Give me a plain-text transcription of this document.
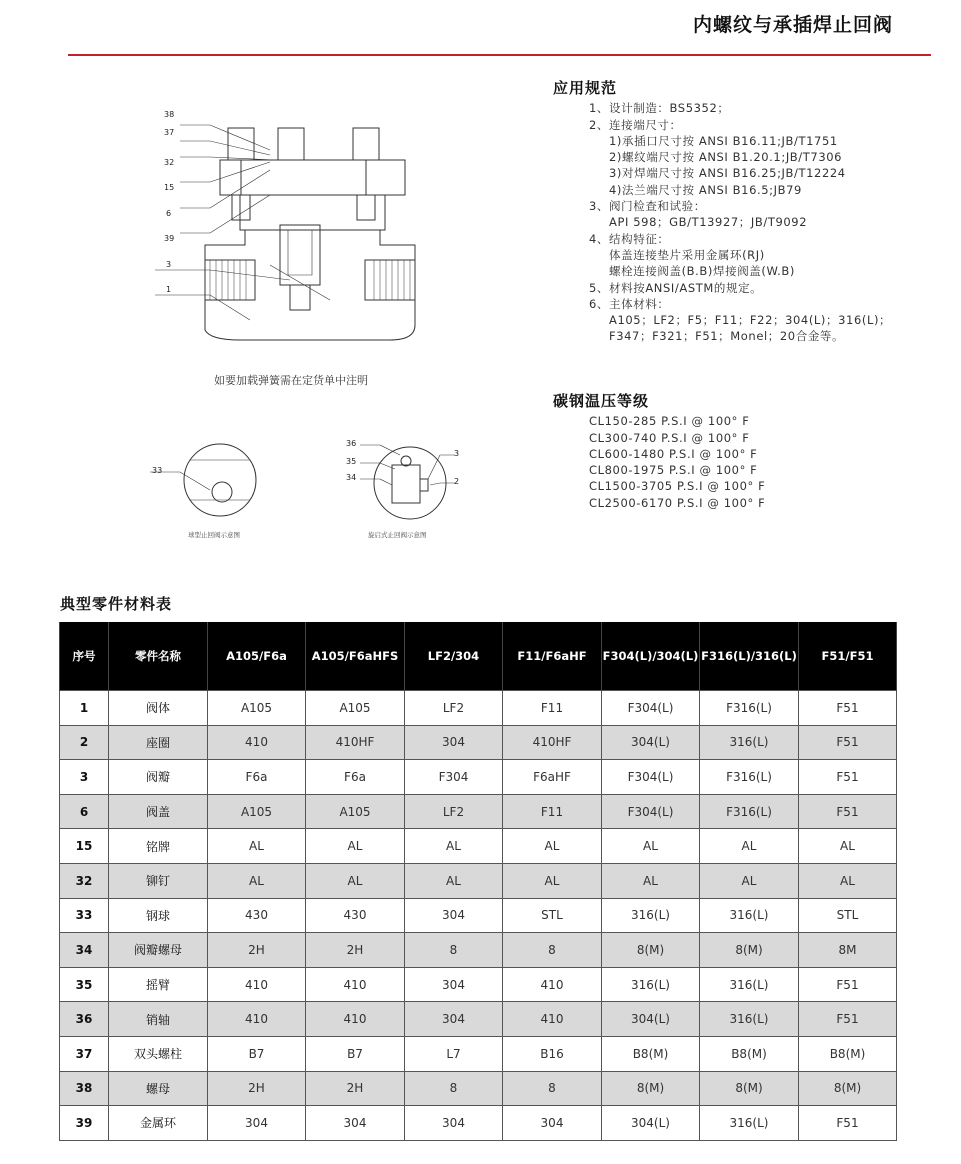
内螺纹与承插焊止回阀
38
37
32
15
6
39
3
1
如要加载弹簧需在定货单中注明
33
球型止回阀示意图
36
35
34
3
2
旋启式止回阀示意图
应用规范
1、设计制造：BS5352；
2、连接端尺寸：
1)承插口尺寸按 ANSI B16.11;JB/T1751
2)螺纹端尺寸按 ANSI B1.20.1;JB/T7306
3)对焊端尺寸按 ANSI B16.25;JB/T12224
4)法兰端尺寸按 ANSI B16.5;JB79
3、阀门检查和试验：
API 598；GB/T13927；JB/T9092
4、结构特征：
体盖连接垫片采用金属环(RJ)
螺栓连接阀盖(B.B)焊接阀盖(W.B)
5、材料按ANSI/ASTM的规定。
6、主体材料：
A105；LF2；F5；F11；F22；304(L)；316(L)；
F347；F321；F51；Monel；20合金等。
碳钢温压等级
CL150-285 P.S.I @ 100° F
CL300-740 P.S.I @ 100° F
CL600-1480 P.S.I @ 100° F
CL800-1975 P.S.I @ 100° F
CL1500-3705 P.S.I @ 100° F
CL2500-6170 P.S.I @ 100° F
典型零件材料表
序号	零件名称	A105/F6a	A105/F6aHFS	LF2/304	F11/F6aHF	F304(L)/304(L)	F316(L)/316(L)	F51/F51
1	阀体	A105	A105	LF2	F11	F304(L)	F316(L)	F51
2	座圈	410	410HF	304	410HF	304(L)	316(L)	F51
3	阀瓣	F6a	F6a	F304	F6aHF	F304(L)	F316(L)	F51
6	阀盖	A105	A105	LF2	F11	F304(L)	F316(L)	F51
15	铭牌	AL	AL	AL	AL	AL	AL	AL
32	铆钉	AL	AL	AL	AL	AL	AL	AL
33	钢球	430	430	304	STL	316(L)	316(L)	STL
34	阀瓣螺母	2H	2H	8	8	8(M)	8(M)	8M
35	摇臂	410	410	304	410	316(L)	316(L)	F51
36	销轴	410	410	304	410	304(L)	316(L)	F51
37	双头螺柱	B7	B7	L7	B16	B8(M)	B8(M)	B8(M)
38	螺母	2H	2H	8	8	8(M)	8(M)	8(M)
39	金属环	304	304	304	304	304(L)	316(L)	F51
